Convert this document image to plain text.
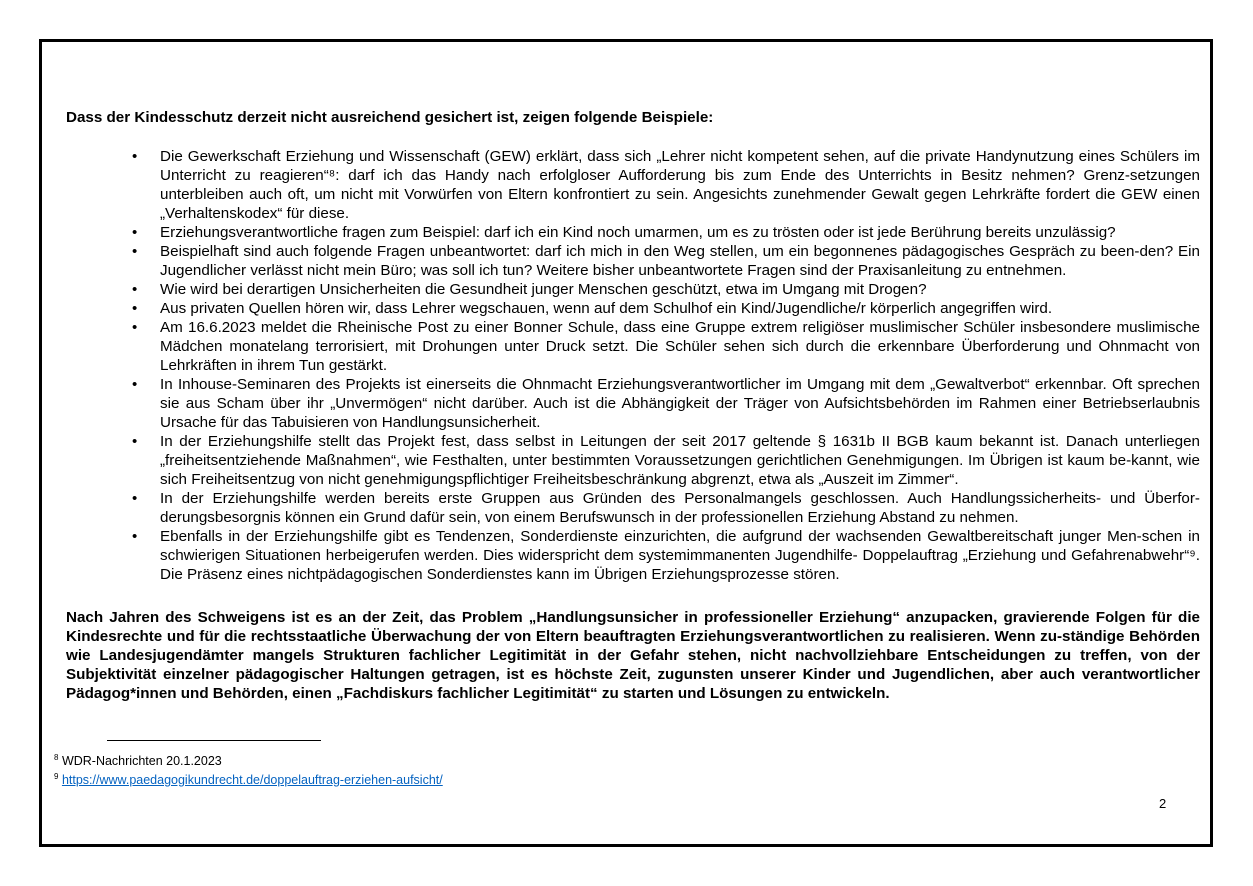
Dass der Kindesschutz derzeit nicht ausreichend gesichert ist, zeigen folgende Beispiele:

• Die Gewerkschaft Erziehung und Wissenschaft (GEW) erklärt, dass sich „Lehrer nicht kompetent sehen, auf die private Handynutzung eines Schülers im Unterricht zu reagieren“⁸: darf ich das Handy nach erfolgloser Aufforderung bis zum Ende des Unterrichts in Besitz nehmen? Grenz-setzungen unterbleiben auch oft, um nicht mit Vorwürfen von Eltern konfrontiert zu sein. Angesichts zunehmender Gewalt gegen Lehrkräfte fordert die GEW einen „Verhaltenskodex“ für diese.
• Erziehungsverantwortliche fragen zum Beispiel: darf ich ein Kind noch umarmen, um es zu trösten oder ist jede Berührung bereits unzulässig?
• Beispielhaft sind auch folgende Fragen unbeantwortet: darf ich mich in den Weg stellen, um ein begonnenes pädagogisches Gespräch zu been-den? Ein Jugendlicher verlässt nicht mein Büro; was soll ich tun? Weitere bisher unbeantwortete Fragen sind der Praxisanleitung zu entnehmen.
• Wie wird bei derartigen Unsicherheiten die Gesundheit junger Menschen geschützt, etwa im Umgang mit Drogen?
• Aus privaten Quellen hören wir, dass Lehrer wegschauen, wenn auf dem Schulhof ein Kind/Jugendliche/r körperlich angegriffen wird.
• Am 16.6.2023 meldet die Rheinische Post zu einer Bonner Schule, dass eine Gruppe extrem religiöser muslimischer Schüler insbesondere muslimische Mädchen monatelang terrorisiert, mit Drohungen unter Druck setzt. Die Schüler sehen sich durch die erkennbare Überforderung und Ohnmacht von Lehrkräften in ihrem Tun gestärkt.
• In Inhouse-Seminaren des Projekts ist einerseits die Ohnmacht Erziehungsverantwortlicher im Umgang mit dem „Gewaltverbot“ erkennbar. Oft sprechen sie aus Scham über ihr „Unvermögen“ nicht darüber. Auch ist die Abhängigkeit der Träger von Aufsichtsbehörden im Rahmen einer Betriebserlaubnis Ursache für das Tabuisieren von Handlungsunsicherheit.
• In der Erziehungshilfe stellt das Projekt fest, dass selbst in Leitungen der seit 2017 geltende § 1631b II BGB kaum bekannt ist. Danach unterliegen „freiheitsentziehende Maßnahmen“, wie Festhalten, unter bestimmten Voraussetzungen gerichtlichen Genehmigungen. Im Übrigen ist kaum be-kannt, wie sich Freiheitsentzug von nicht genehmigungspflichtiger Freiheitsbeschränkung abgrenzt, etwa als „Auszeit im Zimmer“.
• In der Erziehungshilfe werden bereits erste Gruppen aus Gründen des Personalmangels geschlossen. Auch Handlungssicherheits- und Überfor-derungsbesorgnis können ein Grund dafür sein, von einem Berufswunsch in der professionellen Erziehung Abstand zu nehmen.
• Ebenfalls in der Erziehungshilfe gibt es Tendenzen, Sonderdienste einzurichten, die aufgrund der wachsenden Gewaltbereitschaft junger Men-schen in schwierigen Situationen herbeigerufen werden. Dies widerspricht dem systemimmanenten Jugendhilfe- Doppelauftrag „Erziehung und Gefahrenabwehr“⁹. Die Präsenz eines nichtpädagogischen Sonderdienstes kann im Übrigen Erziehungsprozesse stören.

Nach Jahren des Schweigens ist es an der Zeit, das Problem „Handlungsunsicher in professioneller Erziehung“ anzupacken, gravierende Folgen für die Kindesrechte und für die rechtsstaatliche Überwachung der von Eltern beauftragten Erziehungsverantwortlichen zu realisieren. Wenn zu-ständige Behörden wie Landesjugendämter mangels Strukturen fachlicher Legitimität in der Gefahr stehen, nicht nachvollziehbare Entscheidungen zu treffen, von der Subjektivität einzelner pädagogischer Haltungen getragen, ist es höchste Zeit, zugunsten unserer Kinder und Jugendlichen, aber auch verantwortlicher Pädagog*innen und Behörden, einen „Fachdiskurs fachlicher Legitimität“ zu starten und Lösungen zu entwickeln.

$^8$ WDR-Nachrichten 20.1.2023
$^9$ https://www.paedagogikundrecht.de/doppelauftrag-erziehen-aufsicht/
2
